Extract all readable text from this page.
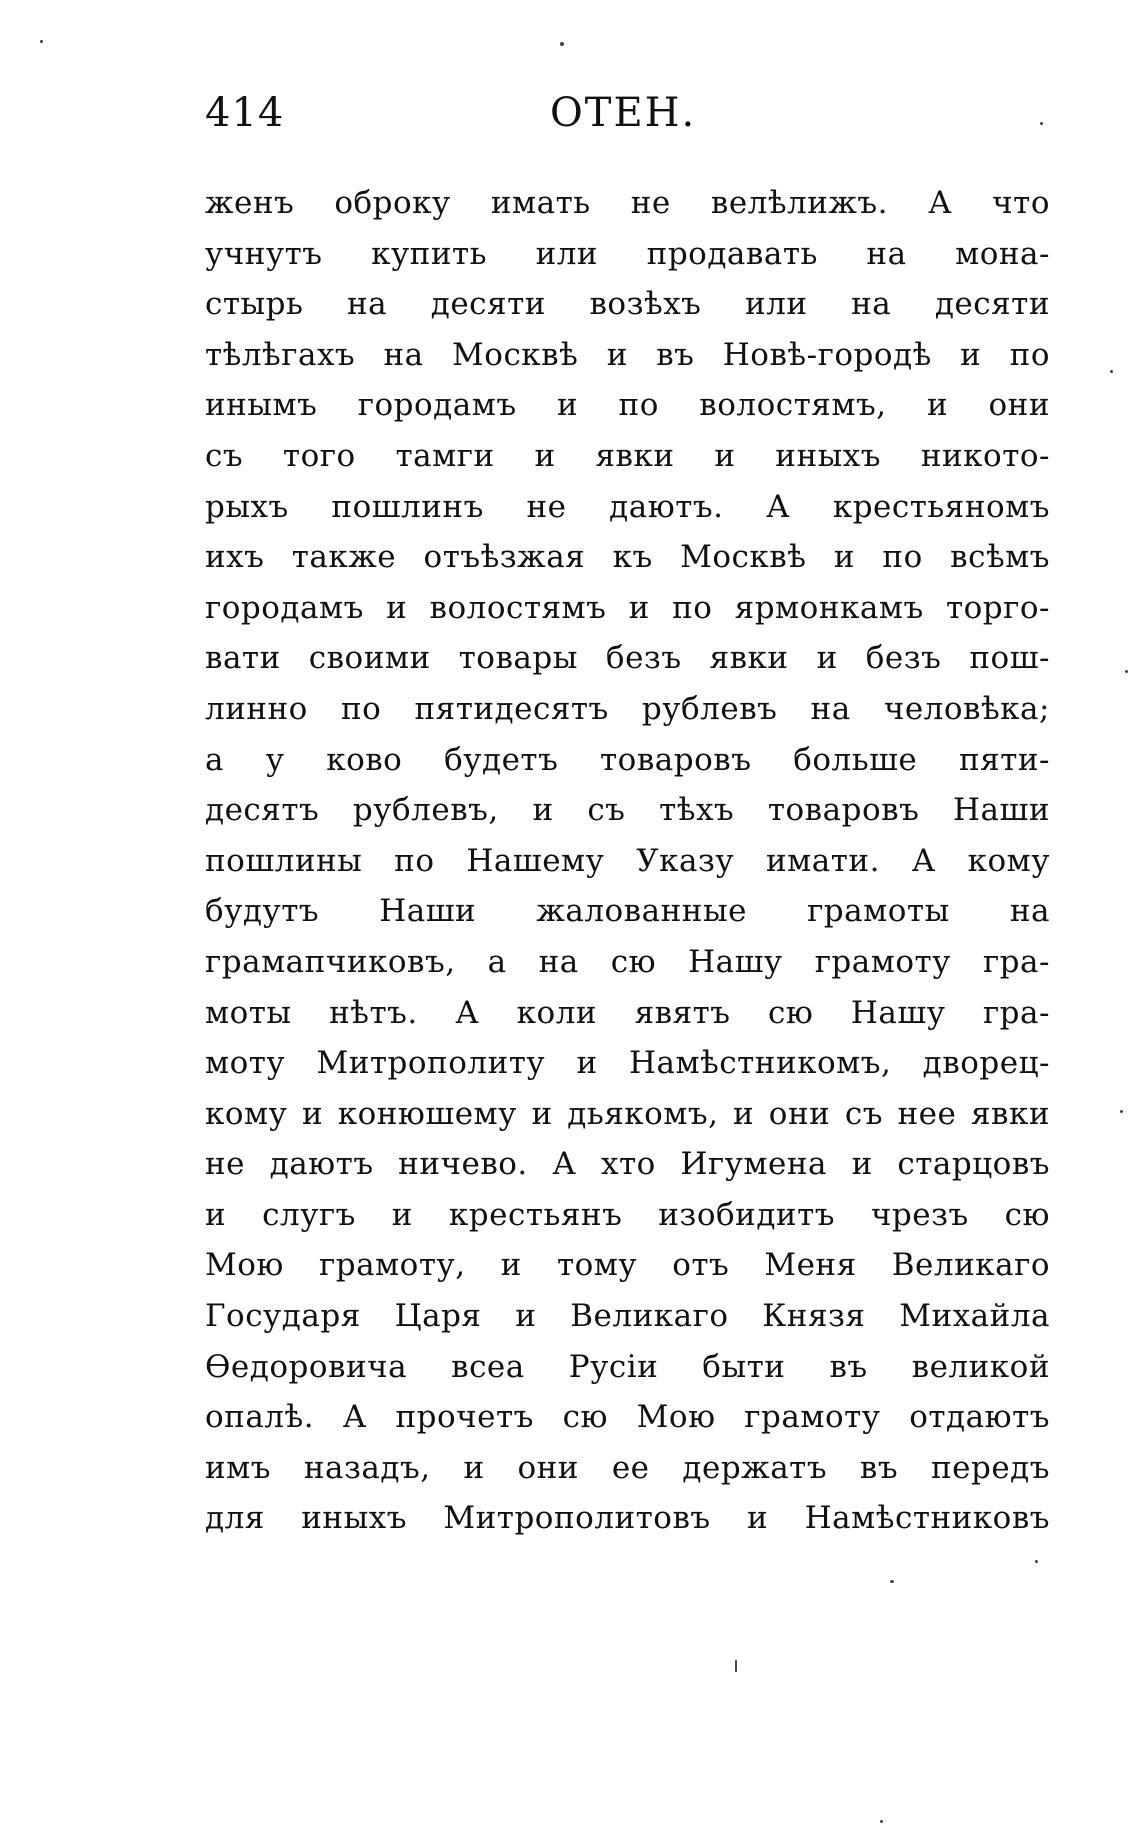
414	ОТЕН.
женъ оброку имать не велѣлижъ. А что
учнутъ купить или продавать на мона-
стырь на десяти возѣхъ или на десяти
тѣлѣгахъ на Москвѣ и въ Новѣ-городѣ и по
инымъ городамъ и по волостямъ, и они
съ того тамги и явки и иныхъ никото-
рыхъ пошлинъ не даютъ. А крестьяномъ
ихъ также отъѣзжая къ Москвѣ и по всѣмъ
городамъ и волостямъ и по ярмонкамъ торго-
вати своими товары безъ явки и безъ пош-
линно по пятидесятъ рублевъ на человѣка;
а у ково будетъ товаровъ больше пяти-
десятъ рублевъ, и съ тѣхъ товаровъ Наши
пошлины по Нашему Указу имати. А кому
будутъ Наши жалованные грамоты на
грамапчиковъ, а на сю Нашу грамоту гра-
моты нѣтъ. А коли явятъ сю Нашу гра-
моту Митрополиту и Намѣстникомъ, дворец-
кому и конюшему и дьякомъ, и они съ нее явки
не даютъ ничево. А хто Игумена и старцовъ
и слугъ и крестьянъ изобидитъ чрезъ сю
Мою грамоту, и тому отъ Меня Великаго
Государя Царя и Великаго Князя Михайла
Ѳедоровича всеа Русіи быти въ великой
опалѣ. А прочетъ сю Мою грамоту отдаютъ
имъ назадъ, и они ее держатъ въ передъ
для иныхъ Митрополитовъ и Намѣстниковъ
